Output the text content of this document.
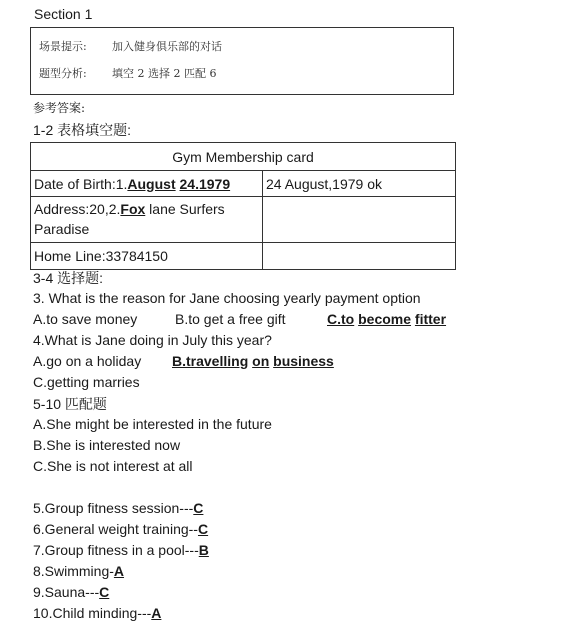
Section 1
场景提示: 加入健身俱乐部的对话
题型分析: 填空 2 选择 2 匹配 6
参考答案:
1-2 表格填空题:
Gym Membership card	
Date of Birth:1.August 24.1979	24 August,1979 ok
Address:20,2.Fox lane Surfers
Paradise	
Home Line:33784150	
3-4 选择题:
3. What is the reason for Jane choosing yearly payment option
A.to save money	B.to get a free gift	C.to become fitter
4.What is Jane doing in July this year?
A.go on a holiday B.travelling on business
C.getting marries
5-10 匹配题
A.She might be interested in the future
B.She is interested now
C.She is not interest at all
5.Group fitness session---C
6.General weight training--C
7.Group fitness in a pool---B
8.Swimming-A
9.Sauna---C
10.Child minding---A
